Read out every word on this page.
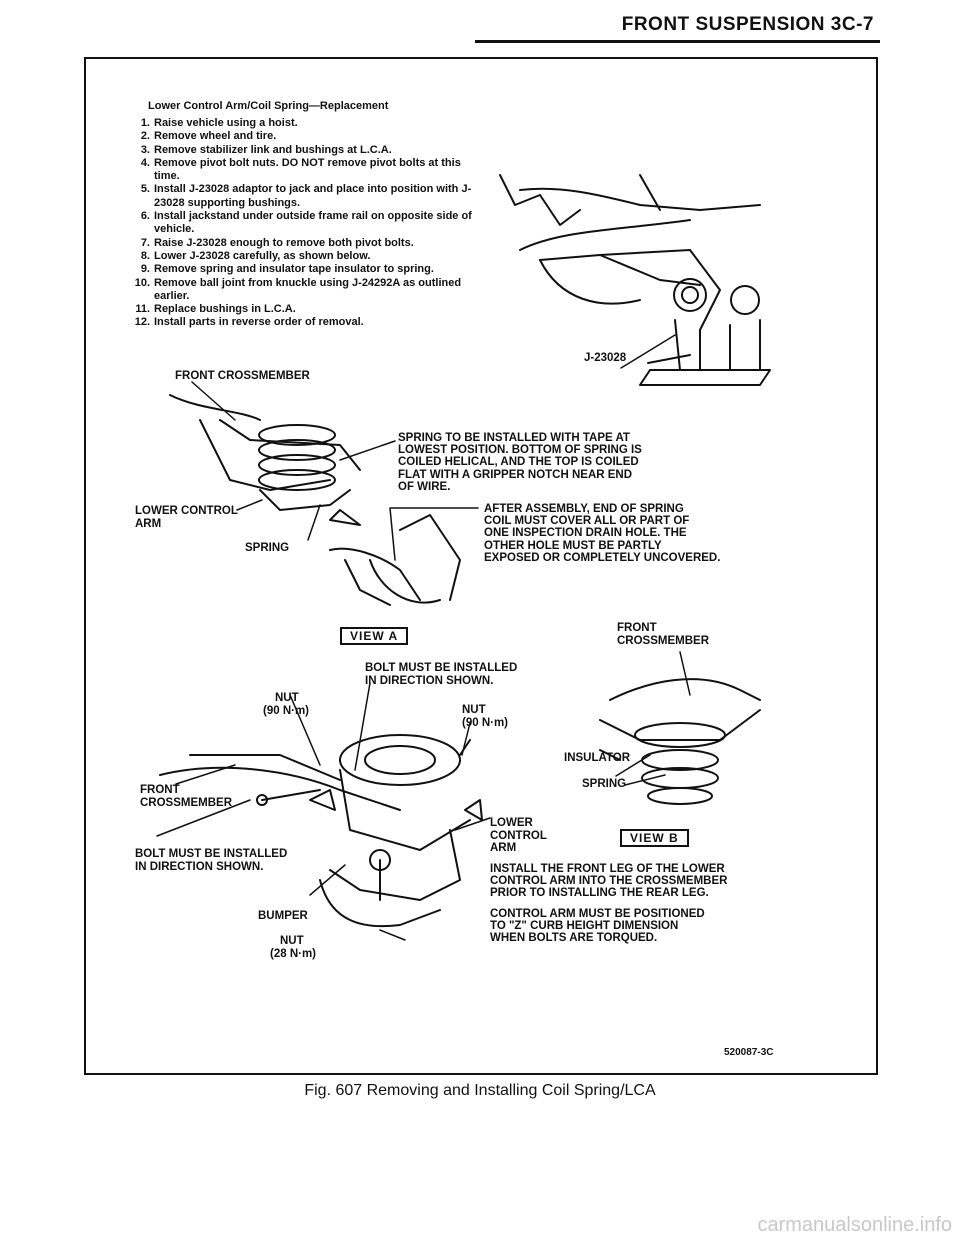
FRONT SUSPENSION 3C-7
Lower Control Arm/Coil Spring—Replacement
1. Raise vehicle using a hoist.
2. Remove wheel and tire.
3. Remove stabilizer link and bushings at L.C.A.
4. Remove pivot bolt nuts. DO NOT remove pivot bolts at this time.
5. Install J-23028 adaptor to jack and place into position with J-23028 supporting bushings.
6. Install jackstand under outside frame rail on opposite side of vehicle.
7. Raise J-23028 enough to remove both pivot bolts.
8. Lower J-23028 carefully, as shown below.
9. Remove spring and insulator tape insulator to spring.
10. Remove ball joint from knuckle using J-24292A as outlined earlier.
11. Replace bushings in L.C.A.
12. Install parts in reverse order of removal.
J-23028
FRONT CROSSMEMBER
SPRING TO BE INSTALLED WITH TAPE AT
LOWEST POSITION. BOTTOM OF SPRING IS
COILED HELICAL, AND THE TOP IS COILED
FLAT WITH A GRIPPER NOTCH NEAR END
OF WIRE.
LOWER CONTROL
ARM
SPRING
AFTER ASSEMBLY, END OF SPRING
COIL MUST COVER ALL OR PART OF
ONE INSPECTION DRAIN HOLE. THE
OTHER HOLE MUST BE PARTLY
EXPOSED OR COMPLETELY UNCOVERED.
VIEW A
FRONT
CROSSMEMBER
BOLT MUST BE INSTALLED
IN DIRECTION SHOWN.
NUT
(90 N·m)	NUT
(90 N·m)
INSULATOR
SPRING
FRONT
CROSSMEMBER
LOWER
CONTROL
ARM
VIEW B
INSTALL THE FRONT LEG OF THE LOWER
CONTROL ARM INTO THE CROSSMEMBER
PRIOR TO INSTALLING THE REAR LEG.
BOLT MUST BE INSTALLED
IN DIRECTION SHOWN.
CONTROL ARM MUST BE POSITIONED
TO "Z" CURB HEIGHT DIMENSION
WHEN BOLTS ARE TORQUED.
BUMPER
NUT
(28 N·m)
520087-3C
Fig. 607 Removing and Installing Coil Spring/LCA
carmanualsonline.info
